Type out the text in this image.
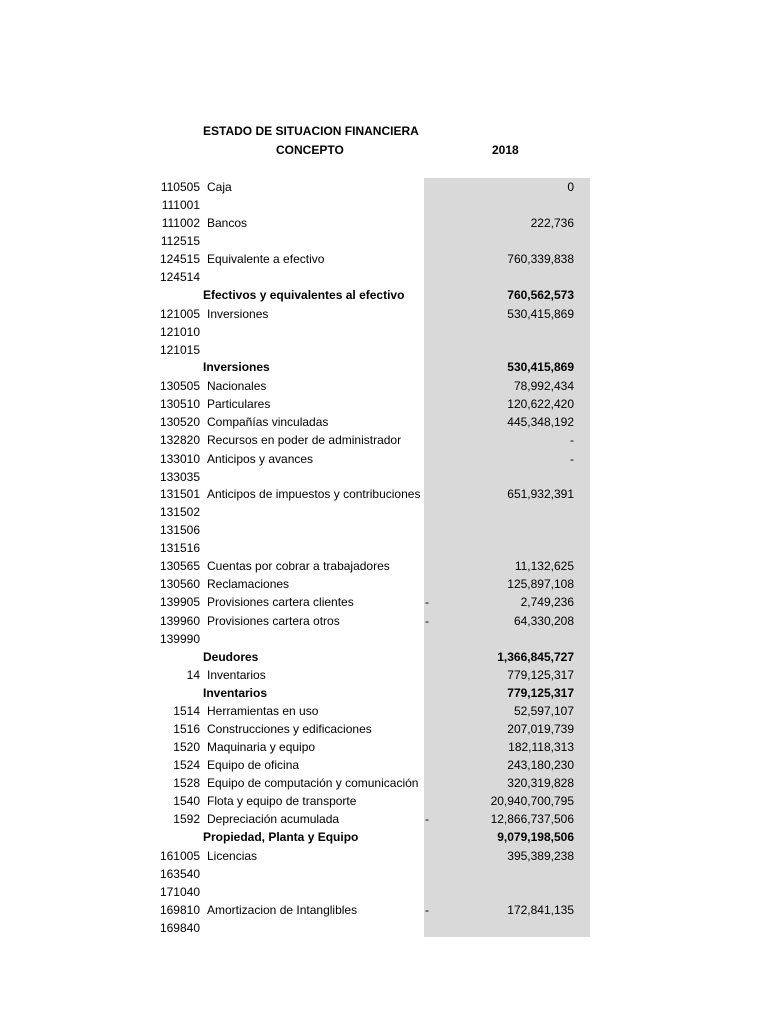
ESTADO DE SITUACION FINANCIERA
CONCEPTO	2018
110505 Caja	0
111001
111002 Bancos	222,736
112515
124515 Equivalente a efectivo	760,339,838
124514
Efectivos y equivalentes al efectivo	760,562,573
121005 Inversiones	530,415,869
121010
121015
Inversiones	530,415,869
130505 Nacionales	78,992,434
130510 Particulares	120,622,420
130520 Compañías vinculadas	445,348,192
132820 Recursos en poder de administrador	-
133010 Anticipos y avances	-
133035
131501 Anticipos de impuestos y contribuciones	651,932,391
131502
131506
131516
130565 Cuentas por cobrar a trabajadores	11,132,625
130560 Reclamaciones	125,897,108
139905 Provisiones cartera clientes	-	2,749,236
139960 Provisiones cartera otros	-	64,330,208
139990
Deudores	1,366,845,727
14 Inventarios	779,125,317
Inventarios	779,125,317
1514 Herramientas en uso	52,597,107
1516 Construcciones y edificaciones	207,019,739
1520 Maquinaria y equipo	182,118,313
1524 Equipo de oficina	243,180,230
1528 Equipo de computación y comunicación	320,319,828
1540 Flota y equipo de transporte	20,940,700,795
1592 Depreciación acumulada	-	12,866,737,506
Propiedad, Planta y Equipo	9,079,198,506
161005 Licencias	395,389,238
163540
171040
169810 Amortizacion de Intanglibles	-	172,841,135
169840
